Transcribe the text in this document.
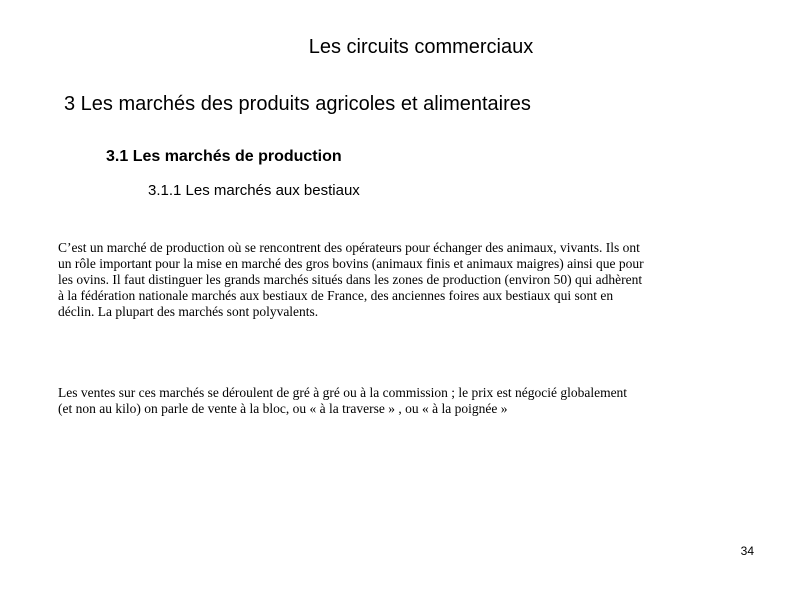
Les circuits commerciaux
3 Les marchés des produits agricoles et alimentaires
3.1 Les marchés de production
3.1.1 Les marchés aux bestiaux
C’est un marché de production où se rencontrent des opérateurs pour échanger des animaux, vivants. Ils ont
un rôle important pour la mise en marché des gros bovins (animaux finis et animaux maigres) ainsi que pour
les ovins. Il faut distinguer les grands marchés situés dans les zones de production (environ 50) qui adhèrent
à la fédération nationale marchés aux bestiaux de France, des anciennes foires aux bestiaux qui sont en
déclin. La plupart des marchés sont polyvalents.
Les ventes sur ces marchés se déroulent de gré à gré ou à la commission ; le prix est négocié globalement
(et non au kilo) on parle de vente à la bloc, ou « à la traverse » , ou « à la poignée »
34
